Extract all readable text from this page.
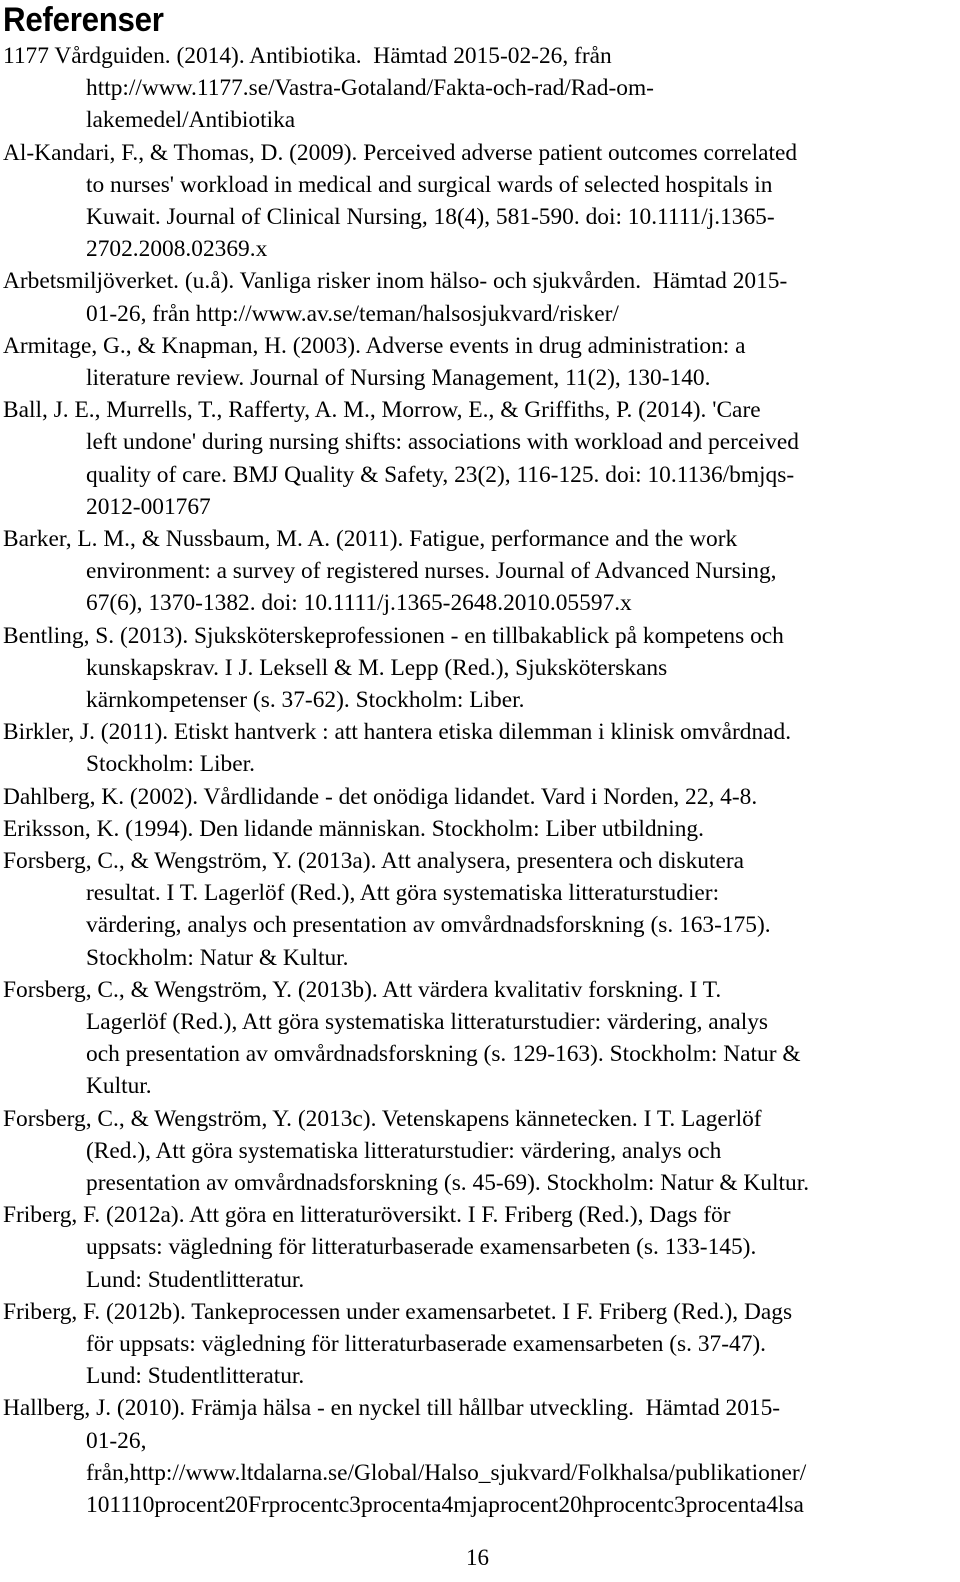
Referenser
1177 Vårdguiden. (2014). Antibiotika.  Hämtad 2015-02-26, från
http://www.1177.se/Vastra-Gotaland/Fakta-och-rad/Rad-om-
lakemedel/Antibiotika
Al-Kandari, F., & Thomas, D. (2009). Perceived adverse patient outcomes correlated
to nurses' workload in medical and surgical wards of selected hospitals in
Kuwait. Journal of Clinical Nursing, 18(4), 581-590. doi: 10.1111/j.1365-
2702.2008.02369.x
Arbetsmiljöverket. (u.å). Vanliga risker inom hälso- och sjukvården.  Hämtad 2015-
01-26, från http://www.av.se/teman/halsosjukvard/risker/
Armitage, G., & Knapman, H. (2003). Adverse events in drug administration: a
literature review. Journal of Nursing Management, 11(2), 130-140.
Ball, J. E., Murrells, T., Rafferty, A. M., Morrow, E., & Griffiths, P. (2014). 'Care
left undone' during nursing shifts: associations with workload and perceived
quality of care. BMJ Quality & Safety, 23(2), 116-125. doi: 10.1136/bmjqs-
2012-001767
Barker, L. M., & Nussbaum, M. A. (2011). Fatigue, performance and the work
environment: a survey of registered nurses. Journal of Advanced Nursing,
67(6), 1370-1382. doi: 10.1111/j.1365-2648.2010.05597.x
Bentling, S. (2013). Sjuksköterskeprofessionen - en tillbakablick på kompetens och
kunskapskrav. I J. Leksell & M. Lepp (Red.), Sjuksköterskans
kärnkompetenser (s. 37-62). Stockholm: Liber.
Birkler, J. (2011). Etiskt hantverk : att hantera etiska dilemman i klinisk omvårdnad.
Stockholm: Liber.
Dahlberg, K. (2002). Vårdlidande - det onödiga lidandet. Vard i Norden, 22, 4-8.
Eriksson, K. (1994). Den lidande människan. Stockholm: Liber utbildning.
Forsberg, C., & Wengström, Y. (2013a). Att analysera, presentera och diskutera
resultat. I T. Lagerlöf (Red.), Att göra systematiska litteraturstudier:
värdering, analys och presentation av omvårdnadsforskning (s. 163-175).
Stockholm: Natur & Kultur.
Forsberg, C., & Wengström, Y. (2013b). Att värdera kvalitativ forskning. I T.
Lagerlöf (Red.), Att göra systematiska litteraturstudier: värdering, analys
och presentation av omvårdnadsforskning (s. 129-163). Stockholm: Natur &
Kultur.
Forsberg, C., & Wengström, Y. (2013c). Vetenskapens kännetecken. I T. Lagerlöf
(Red.), Att göra systematiska litteraturstudier: värdering, analys och
presentation av omvårdnadsforskning (s. 45-69). Stockholm: Natur & Kultur.
Friberg, F. (2012a). Att göra en litteraturöversikt. I F. Friberg (Red.), Dags för
uppsats: vägledning för litteraturbaserade examensarbeten (s. 133-145).
Lund: Studentlitteratur.
Friberg, F. (2012b). Tankeprocessen under examensarbetet. I F. Friberg (Red.), Dags
för uppsats: vägledning för litteraturbaserade examensarbeten (s. 37-47).
Lund: Studentlitteratur.
Hallberg, J. (2010). Främja hälsa - en nyckel till hållbar utveckling.  Hämtad 2015-
01-26,
från,http://www.ltdalarna.se/Global/Halso_sjukvard/Folkhalsa/publikationer/
101110procent20Frprocentc3procenta4mjaprocent20hprocentc3procenta4lsa
16
